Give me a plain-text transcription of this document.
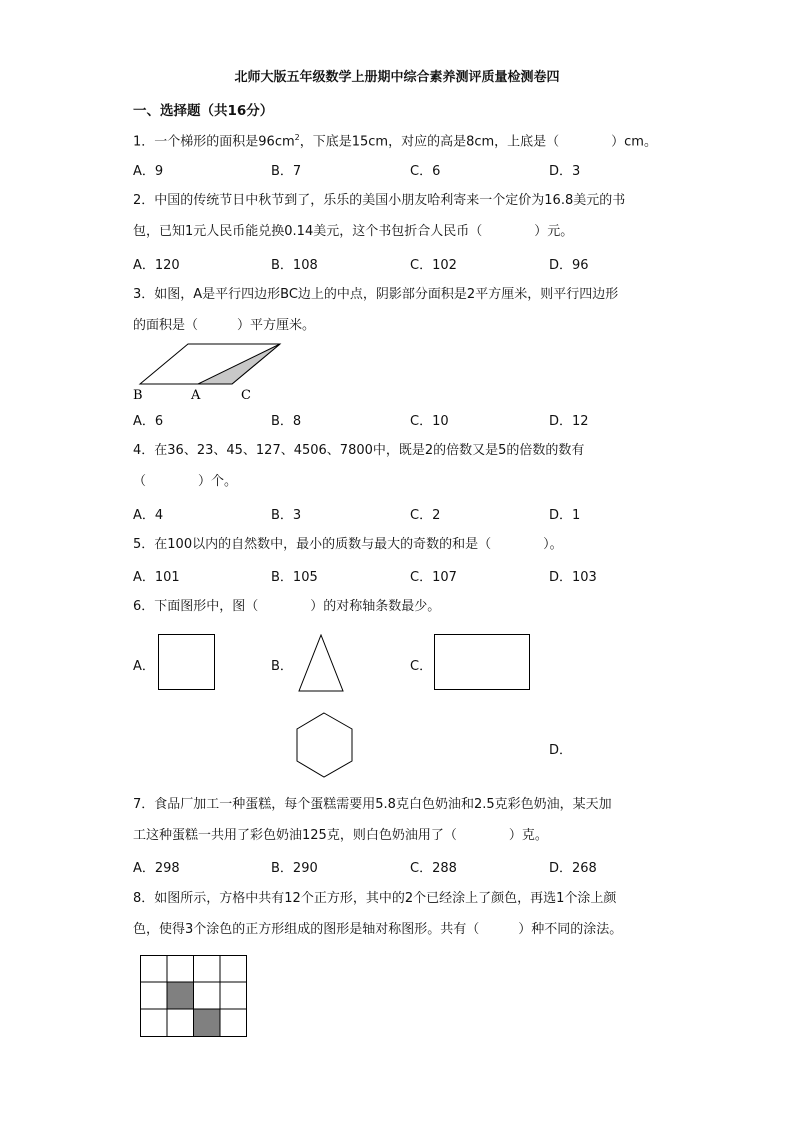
北师大版五年级数学上册期中综合素养测评质量检测卷四
一、选择题（共16分）
1．一个梯形的面积是$96cm^2$，下底是15cm，对应的高是8cm，上底是（　　　　）cm。
A．9	B．7	C．6	D．3
2．中国的传统节日中秋节到了，乐乐的美国小朋友哈利寄来一个定价为16.8美元的书
包，已知1元人民币能兑换0.14美元，这个书包折合人民币（　　　　）元。
A．120	B．108	C．102	D．96
3．如图，A是平行四边形BC边上的中点，阴影部分面积是2平方厘米，则平行四边形
的面积是（　　　）平方厘米。
B	A	C
A．6	B．8	C．10	D．12
4．在36、23、45、127、4506、7800中，既是2的倍数又是5的倍数的数有
（　　　　）个。
A．4	B．3	C．2	D．1
5．在100以内的自然数中，最小的质数与最大的奇数的和是（　　　　）。
A．101	B．105	C．107	D．103
6．下面图形中，图（　　　　）的对称轴条数最少。
A．	B．	C．
D．
7．食品厂加工一种蛋糕，每个蛋糕需要用5.8克白色奶油和2.5克彩色奶油，某天加
工这种蛋糕一共用了彩色奶油125克，则白色奶油用了（　　　　）克。
A．298	B．290	C．288	D．268
8．如图所示，方格中共有12个正方形，其中的2个已经涂上了颜色，再选1个涂上颜
色，使得3个涂色的正方形组成的图形是轴对称图形。共有（　　　）种不同的涂法。
